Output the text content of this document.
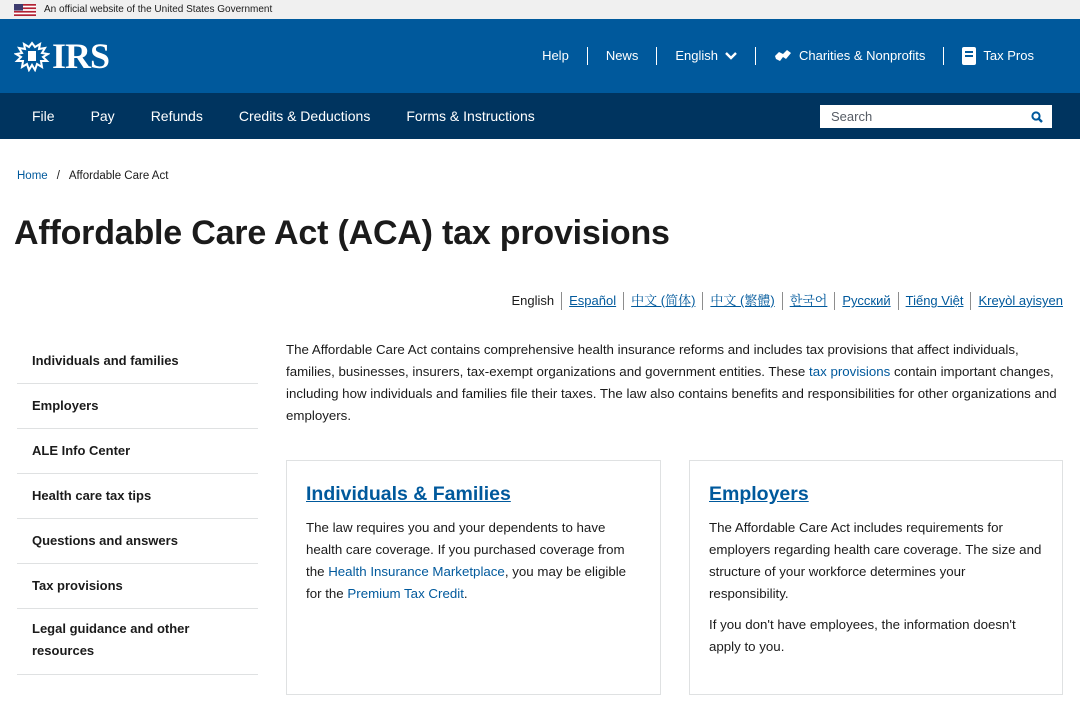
An official website of the United States Government
IRS	Help	News	English	Charities & Nonprofits	Tax Pros
File	Pay	Refunds	Credits & Deductions	Forms & Instructions
Search
Home / Affordable Care Act
Affordable Care Act (ACA) tax provisions
English	Español	中文 (简体)	中文 (繁體)	한국어	Русский	Tiếng Việt	Kreyòl ayisyen
Individuals and families
Employers
ALE Info Center
Health care tax tips
Questions and answers
Tax provisions
Legal guidance and other resources

The Affordable Care Act contains comprehensive health insurance reforms and includes tax provisions that affect individuals, families, businesses, insurers, tax-exempt organizations and government entities. These tax provisions contain important changes, including how individuals and families file their taxes. The law also contains benefits and responsibilities for other organizations and employers.

Individuals & Families

The law requires you and your dependents to have health care coverage. If you purchased coverage from the Health Insurance Marketplace, you may be eligible for the Premium Tax Credit.

Employers

The Affordable Care Act includes requirements for employers regarding health care coverage. The size and structure of your workforce determines your responsibility.

If you don't have employees, the information doesn't apply to you.
